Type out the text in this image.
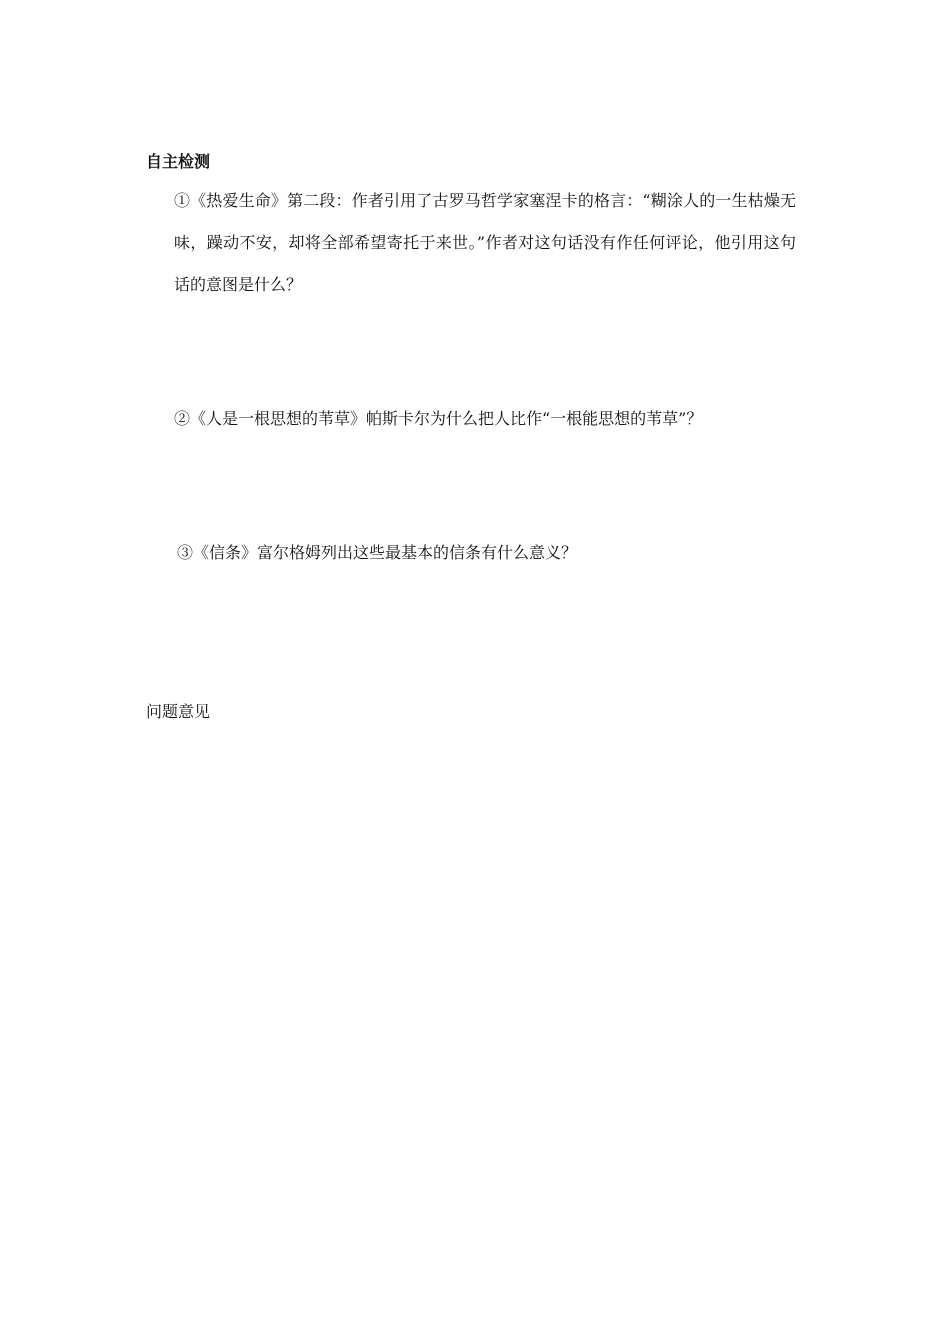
自主检测

①《热爱生命》第二段：作者引用了古罗马哲学家塞涅卡的格言：“糊涂人的一生枯燥无味，躁动不安，却将全部希望寄托于来世。”作者对这句话没有作任何评论，他引用这句话的意图是什么？

②《人是一根思想的苇草》帕斯卡尔为什么把人比作“一根能思想的苇草”？

③《信条》富尔格姆列出这些最基本的信条有什么意义？

问题意见
